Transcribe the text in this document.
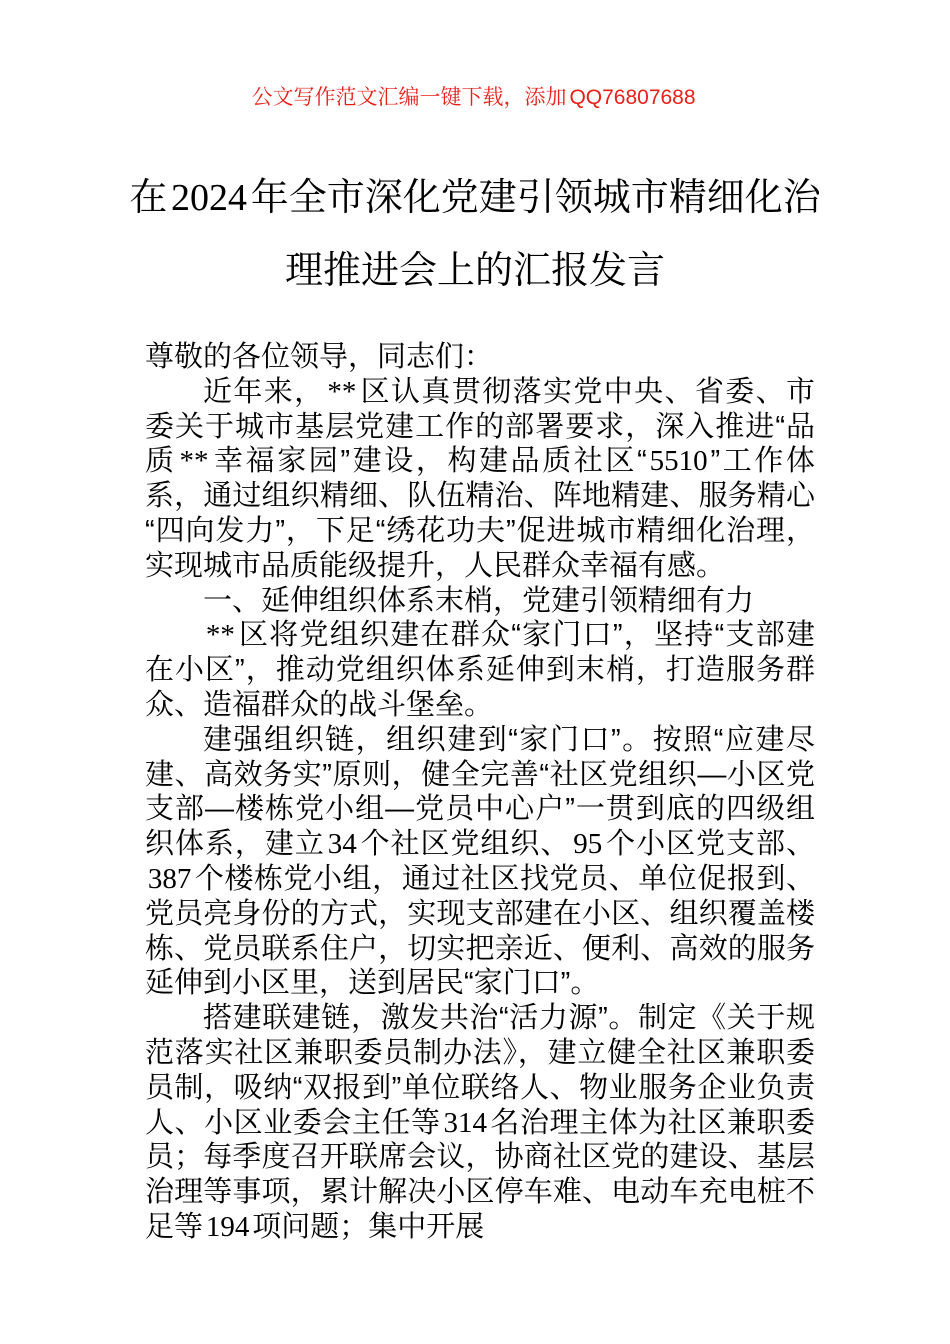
公文写作范文汇编一键下载，添加 QQ76807688
在2024年全市深化党建引领城市精细化治
理推进会上的汇报发言

尊敬的各位领导，同志们：

近年来，**区认真贯彻落实党中央、省委、市委关于城市基层党建工作的部署要求，深入推进“品质**幸福家园”建设，构建品质社区“5510”工作体系，通过组织精细、队伍精治、阵地精建、服务精心“四向发力”，下足“绣花功夫”促进城市精细化治理，实现城市品质能级提升，人民群众幸福有感。

一、延伸组织体系末梢，党建引领精细有力

**区将党组织建在群众“家门口”，坚持“支部建在小区”，推动党组织体系延伸到末梢，打造服务群众、造福群众的战斗堡垒。

建强组织链，组织建到“家门口”。按照“应建尽建、高效务实”原则，健全完善“社区党组织—小区党支部—楼栋党小组—党员中心户”一贯到底的四级组织体系，建立34个社区党组织、95个小区党支部、387个楼栋党小组，通过社区找党员、单位促报到、党员亮身份的方式，实现支部建在小区、组织覆盖楼栋、党员联系住户，切实把亲近、便利、高效的服务延伸到小区里，送到居民“家门口”。

搭建联建链，激发共治“活力源”。制定《关于规范落实社区兼职委员制办法》，建立健全社区兼职委员制，吸纳“双报到”单位联络人、物业服务企业负责人、小区业委会主任等314名治理主体为社区兼职委员；每季度召开联席会议，协商社区党的建设、基层治理等事项，累计解决小区停车难、电动车充电桩不足等194项问题；集中开展
